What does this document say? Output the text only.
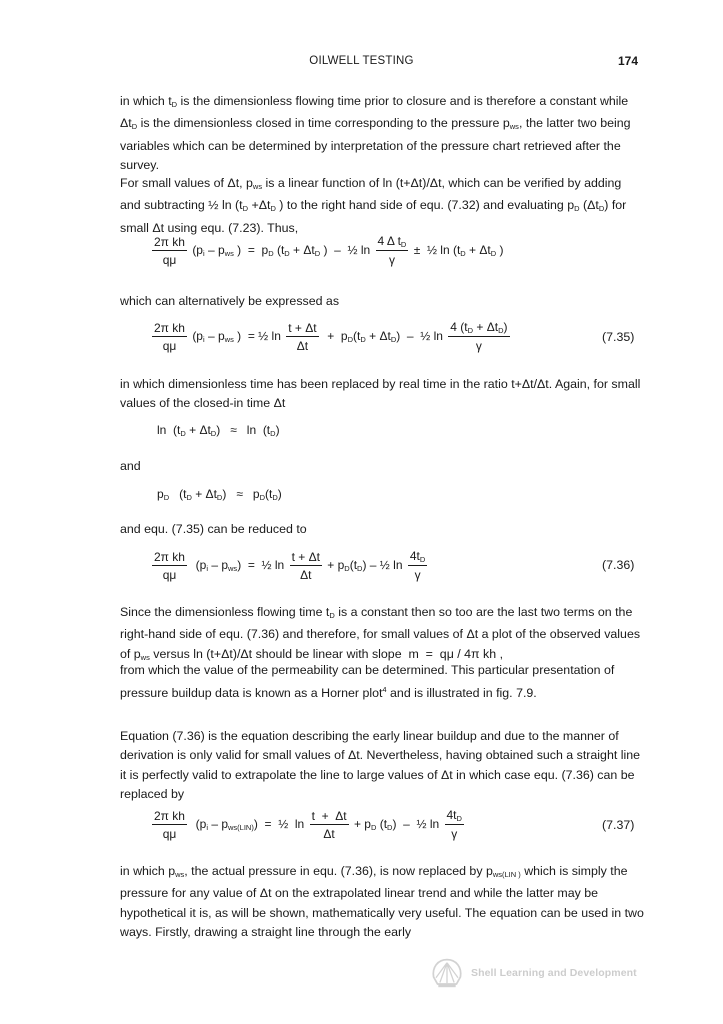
OILWELL TESTING	174
in which $t_D$ is the dimensionless flowing time prior to closure and is therefore a constant while $\Delta t_D$ is the dimensionless closed in time corresponding to the pressure $p_{ws}$, the latter two being variables which can be determined by interpretation of the pressure chart retrieved after the survey.
For small values of Δt, $p_{ws}$ is a linear function of ln (t+Δt)/Δt, which can be verified by adding and subtracting ½ $\ln (t_D +\Delta t_D$ ) to the right hand side of equ. (7.32) and evaluating $p_D$ $(\Delta t_D)$ for small Δt using equ. (7.23). Thus,
$\frac{\text{2π kh}}{q\mu} (p_i - p_{ws}$ )  =  $p_D$ ($t_D + \Delta t_D$ )  –  ½ $\ln \frac{4 \Delta t_D}{\gamma}$ ±  ½ $\ln (t_D + \Delta t_D$ )
which can alternatively be expressed as
$\frac{\text{2π kh}}{q\mu} (p_i - p_{ws}$ )  = ½ $\ln \frac{t + \Delta t}{\Delta t} + p_D(t_D + \Delta t_D)$  –  ½ $\ln \frac{4 (t_D + \Delta t_D)}{\gamma}$	(7.35)
in which dimensionless time has been replaced by real time in the ratio t+Δt/Δt. Again, for small values of the closed-in time Δt
$\ln (t_D + \Delta t_D) \approx \ln (t_D)$
and
$p_D$   $(t_D + \Delta t_D) \approx p_D(t_D)$
and equ. (7.35) can be reduced to
$\frac{\text{2π kh}}{q\mu} (p_i - p_{ws})$  =  ½ $\ln \frac{t + \Delta t}{\Delta t} + p_D(t_D)$ – ½ $\ln \frac{4t_D}{\gamma}$	(7.36)
Since the dimensionless flowing time $t_D$ is a constant then so too are the last two terms on the right-hand side of equ. (7.36) and therefore, for small values of Δt a plot of the observed values of $p_{ws}$ versus ln (t+Δt)/Δt should be linear with slope  m  =  qμ / 4π kh ,
from which the value of the permeability can be determined. This particular presentation of pressure buildup data is known as a Horner plot$^4$ and is illustrated in fig. 7.9.
Equation (7.36) is the equation describing the early linear buildup and due to the manner of derivation is only valid for small values of Δt. Nevertheless, having obtained such a straight line it is perfectly valid to extrapolate the line to large values of Δt in which case equ. (7.36) can be replaced by
$\frac{\text{2π kh}}{q\mu} (p_i - p_{ws(LIN)})$  =  ½  $\ln \frac{t + \Delta t}{\Delta t} + p_D$ $(t_D)$  –  ½ $\ln \frac{4t_D}{\gamma}$	(7.37)
in which $p_{ws}$, the actual pressure in equ. (7.36), is now replaced by $p_{ws(LIN )}$ which is simply the pressure for any value of Δt on the extrapolated linear trend and while the latter may be hypothetical it is, as will be shown, mathematically very useful. The equation can be used in two ways. Firstly, drawing a straight line through the early
Shell Learning and Development
